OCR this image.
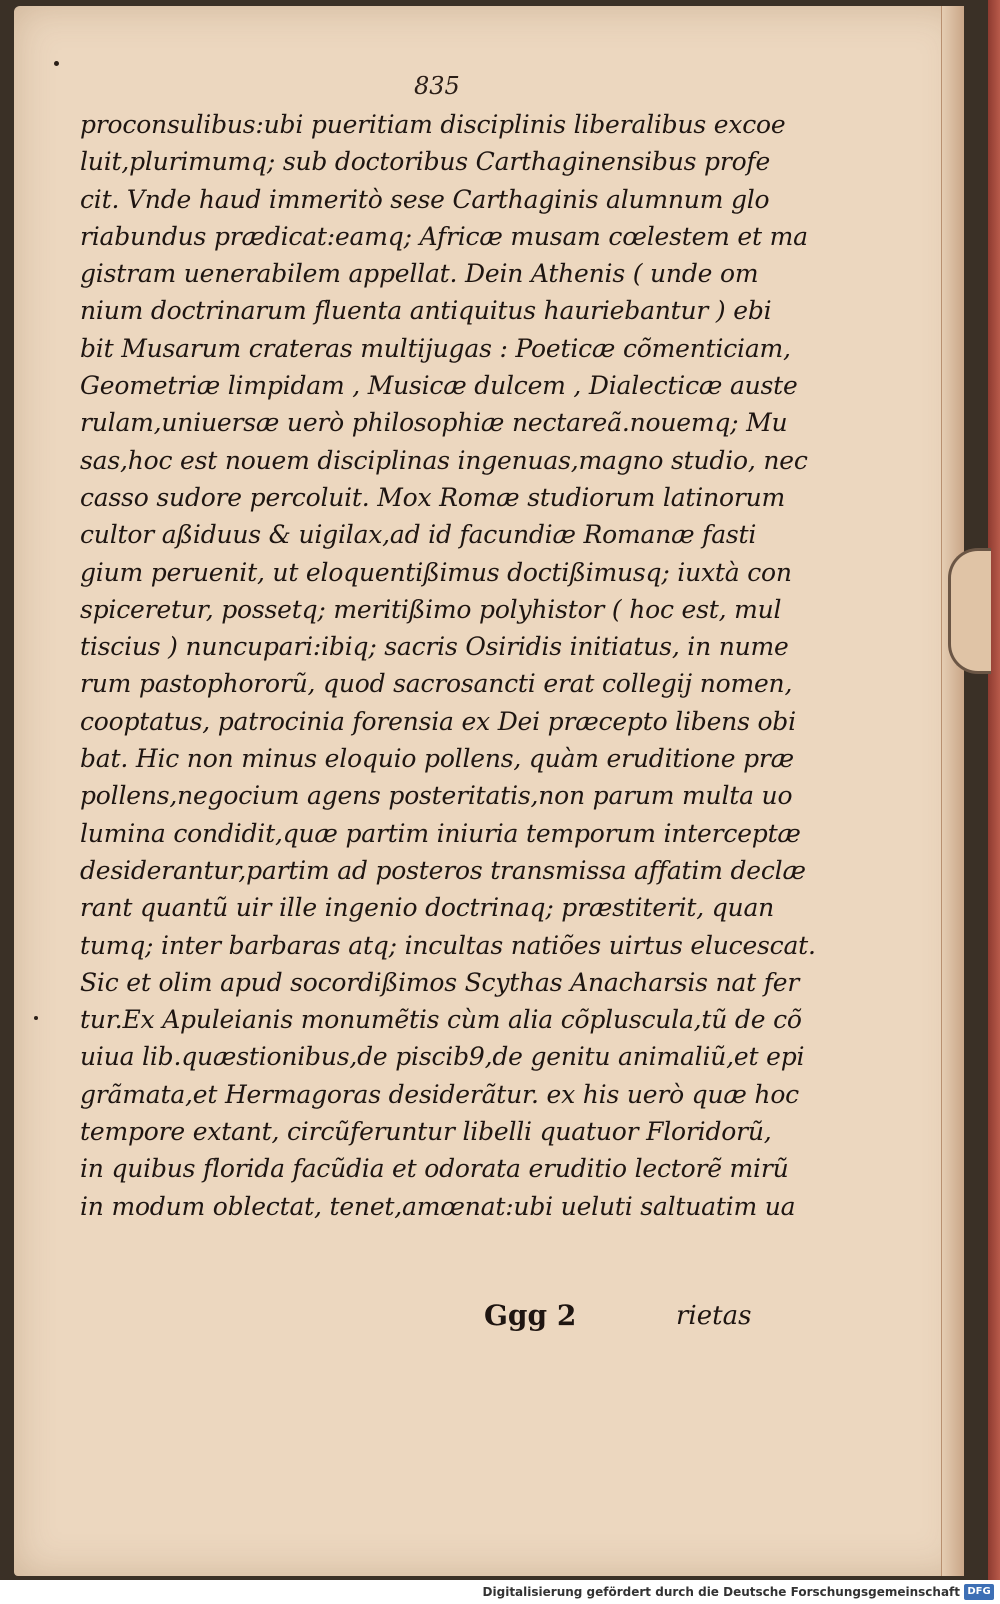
835
proconsulibus:ubi pueritiam disciplinis liberalibus excoe
luit,plurimumq; sub doctoribus Carthaginensibus profe
cit. Vnde haud immeritò sese Carthaginis alumnum glo
riabundus prædicat:eamq; Africæ musam cœlestem et ma
gistram uenerabilem appellat. Dein Athenis ( unde om
nium doctrinarum fluenta antiquitus hauriebantur ) ebi
bit Musarum crateras multijugas : Poeticæ cõmenticiam,
Geometriæ limpidam , Musicæ dulcem , Dialecticæ auste
rulam,uniuersæ uerò philosophiæ nectareã.nouemq; Mu
sas,hoc est nouem disciplinas ingenuas,magno studio, nec
casso sudore percoluit. Mox Romæ studiorum latinorum
cultor aßiduus & uigilax,ad id facundiæ Romanæ fasti
gium peruenit, ut eloquentißimus doctißimusq; iuxtà con
spiceretur, possetq; meritißimo polyhistor ( hoc est, mul
tiscius ) nuncupari:ibiq; sacris Osiridis initiatus, in nume
rum pastophororũ, quod sacrosancti erat collegij nomen,
cooptatus, patrocinia forensia ex Dei præcepto libens obi
bat. Hic non minus eloquio pollens, quàm eruditione præ
pollens,negocium agens posteritatis,non parum multa uo
lumina condidit,quæ partim iniuria temporum interceptæ
desiderantur,partim ad posteros transmissa affatim declæ
rant quantũ uir ille ingenio doctrinaq; præstiterit, quan
tumq; inter barbaras atq; incultas natiões uirtus elucescat.
Sic et olim apud socordißimos Scythas Anacharsis nat fer
tur.Ex Apuleianis monumẽtis cùm alia cõpluscula,tũ de cõ
uiua lib.quæstionibus,de piscib9,de genitu animaliũ,et epi
grãmata,et Hermagoras desiderãtur. ex his uerò quæ hoc
tempore extant, circũferuntur libelli quatuor Floridorũ,
in quibus florida facũdia et odorata eruditio lectorẽ mirũ
in modum oblectat, tenet,amœnat:ubi ueluti saltuatim ua
Ggg 2	rietas
Digitalisierung gefördert durch die Deutsche Forschungsgemeinschaft DFG
